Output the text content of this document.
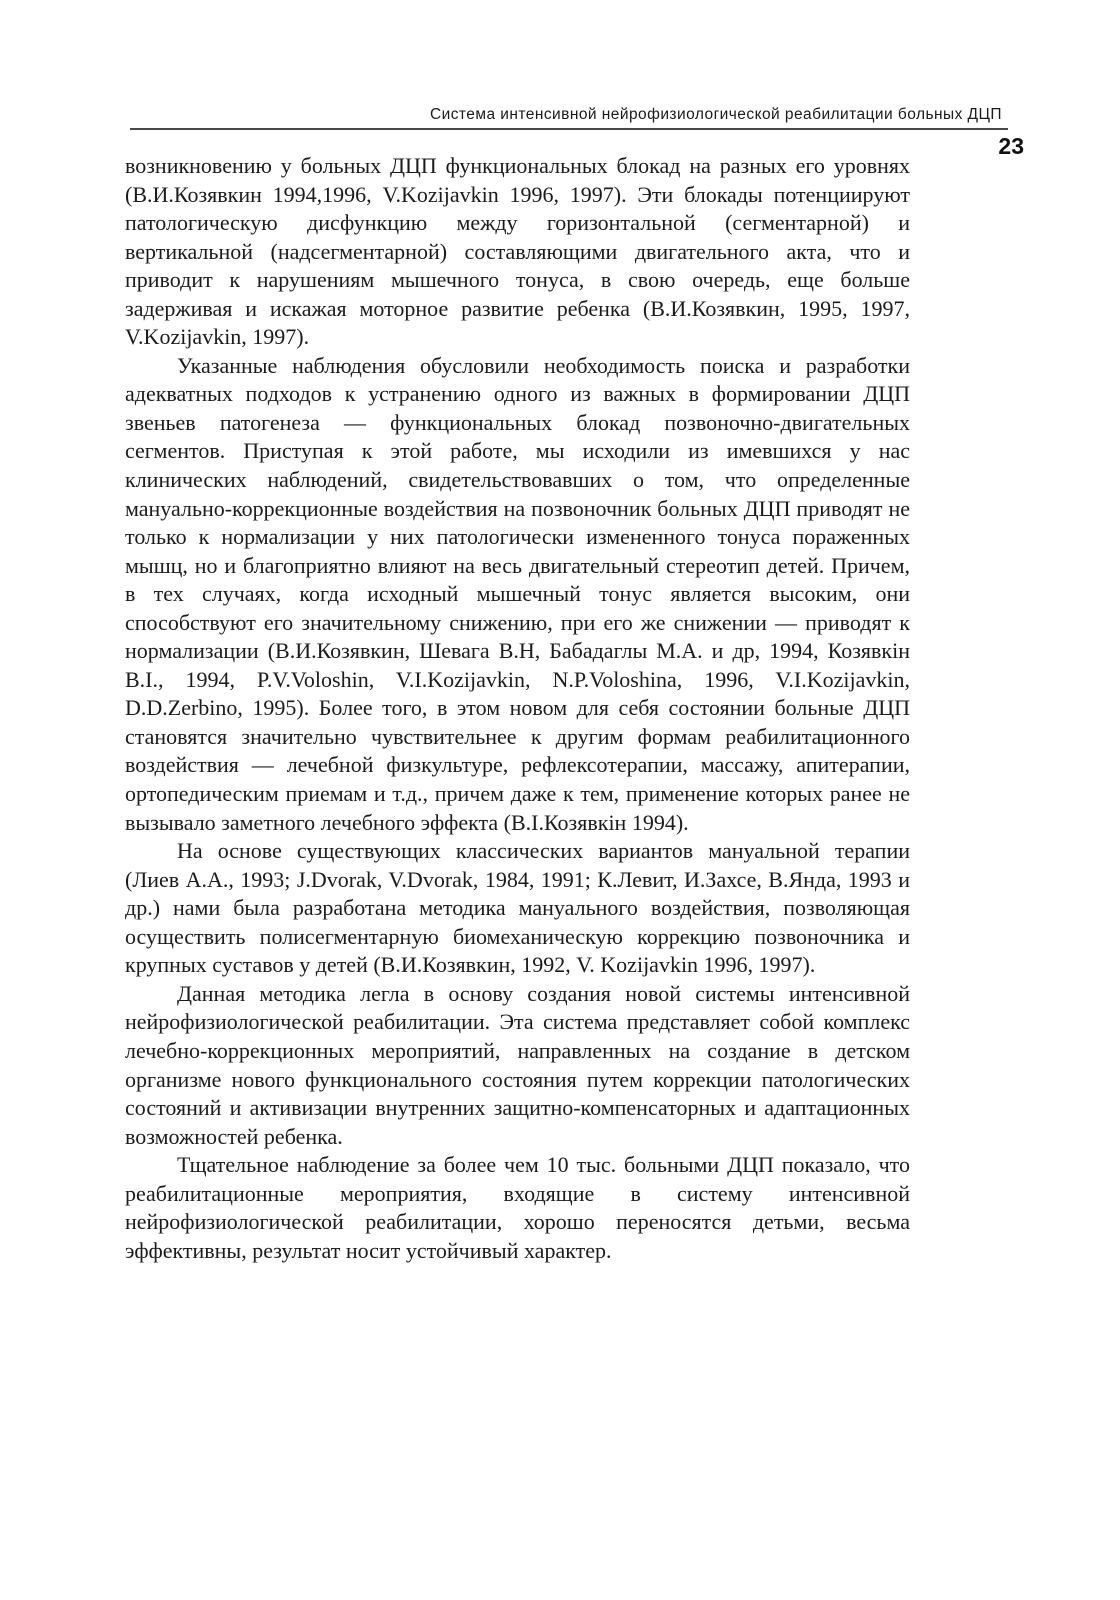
Система интенсивной нейрофизиологической реабилитации больных ДЦП
23

возникновению у больных ДЦП функциональных блокад на разных его уровнях (В.И.Козявкин 1994,1996, V.Kozijavkin 1996, 1997). Эти блокады потенциируют патологическую дисфункцию между горизонтальной (сегментарной) и вертикальной (надсегментарной) составляющими двигательного акта, что и приводит к нарушениям мышечного тонуса, в свою очередь, еще больше задерживая и искажая моторное развитие ребенка (В.И.Козявкин, 1995, 1997, V.Kozijavkin, 1997).

Указанные наблюдения обусловили необходимость поиска и разработки адекватных подходов к устранению одного из важных в формировании ДЦП звеньев патогенеза — функциональных блокад позвоночно-двигательных сегментов. Приступая к этой работе, мы исходили из имевшихся у нас клинических наблюдений, свидетельствовавших о том, что определенные мануально-коррекционные воздействия на позвоночник больных ДЦП приводят не только к нормализации у них патологически измененного тонуса пораженных мышц, но и благоприятно влияют на весь двигательный стереотип детей. Причем, в тех случаях, когда исходный мышечный тонус является высоким, они способствуют его значительному снижению, при его же снижении — приводят к нормализации (В.И.Козявкин, Шевага В.Н, Бабадаглы М.А. и др, 1994, Козявкін В.І., 1994, P.V.Voloshin, V.I.Kozijavkin, N.P.Voloshina, 1996, V.I.Kozijavkin, D.D.Zerbino, 1995). Более того, в этом новом для себя состоянии больные ДЦП становятся значительно чувствительнее к другим формам реабилитационного воздействия — лечебной физкультуре, рефлексотерапии, массажу, апитерапии, ортопедическим приемам и т.д., причем даже к тем, применение которых ранее не вызывало заметного лечебного эффекта (В.І.Козявкін 1994).

На основе существующих классических вариантов мануальной терапии (Лиев А.А., 1993; J.Dvorak, V.Dvorak, 1984, 1991; К.Левит, И.Захсе, В.Янда, 1993 и др.) нами была разработана методика мануального воздействия, позволяющая осуществить полисегментарную биомеханическую коррекцию позвоночника и крупных суставов у детей (В.И.Козявкин, 1992, V. Kozijavkin 1996, 1997).

Данная методика легла в основу создания новой системы интенсивной нейрофизиологической реабилитации. Эта система представляет собой комплекс лечебно-коррекционных мероприятий, направленных на создание в детском организме нового функционального состояния путем коррекции патологических состояний и активизации внутренних защитно-компенсаторных и адаптационных возможностей ребенка.

Тщательное наблюдение за более чем 10 тыс. больными ДЦП показало, что реабилитационные мероприятия, входящие в систему интенсивной нейрофизиологической реабилитации, хорошо переносятся детьми, весьма эффективны, результат носит устойчивый характер.
